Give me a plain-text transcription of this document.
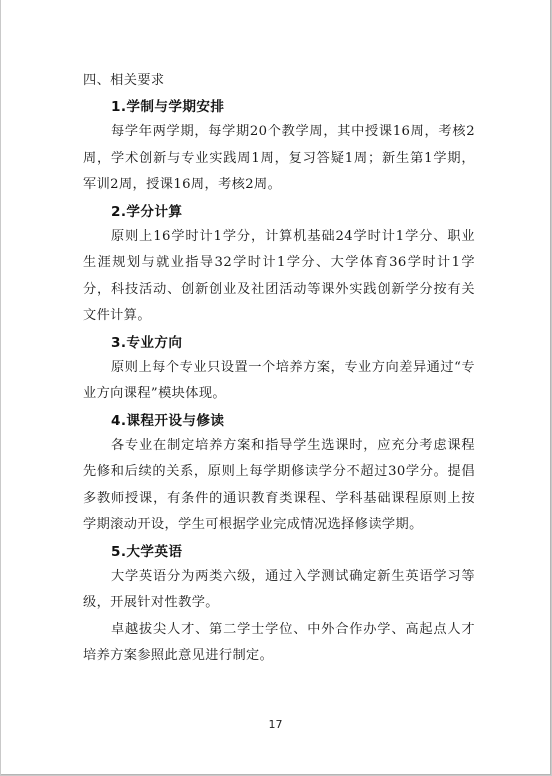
四、相关要求

1.学制与学期安排

每学年两学期，每学期20个教学周，其中授课16周，考核2周，学术创新与专业实践周1周，复习答疑1周；新生第1学期，军训2周，授课16周，考核2周。

2.学分计算

原则上16学时计1学分，计算机基础24学时计1学分、职业生涯规划与就业指导32学时计1学分、大学体育36学时计1学分，科技活动、创新创业及社团活动等课外实践创新学分按有关文件计算。

3.专业方向

原则上每个专业只设置一个培养方案，专业方向差异通过“专业方向课程”模块体现。

4.课程开设与修读

各专业在制定培养方案和指导学生选课时，应充分考虑课程先修和后续的关系，原则上每学期修读学分不超过30学分。提倡多教师授课，有条件的通识教育类课程、学科基础课程原则上按学期滚动开设，学生可根据学业完成情况选择修读学期。

5.大学英语

大学英语分为两类六级，通过入学测试确定新生英语学习等级，开展针对性教学。

卓越拔尖人才、第二学士学位、中外合作办学、高起点人才培养方案参照此意见进行制定。

17
